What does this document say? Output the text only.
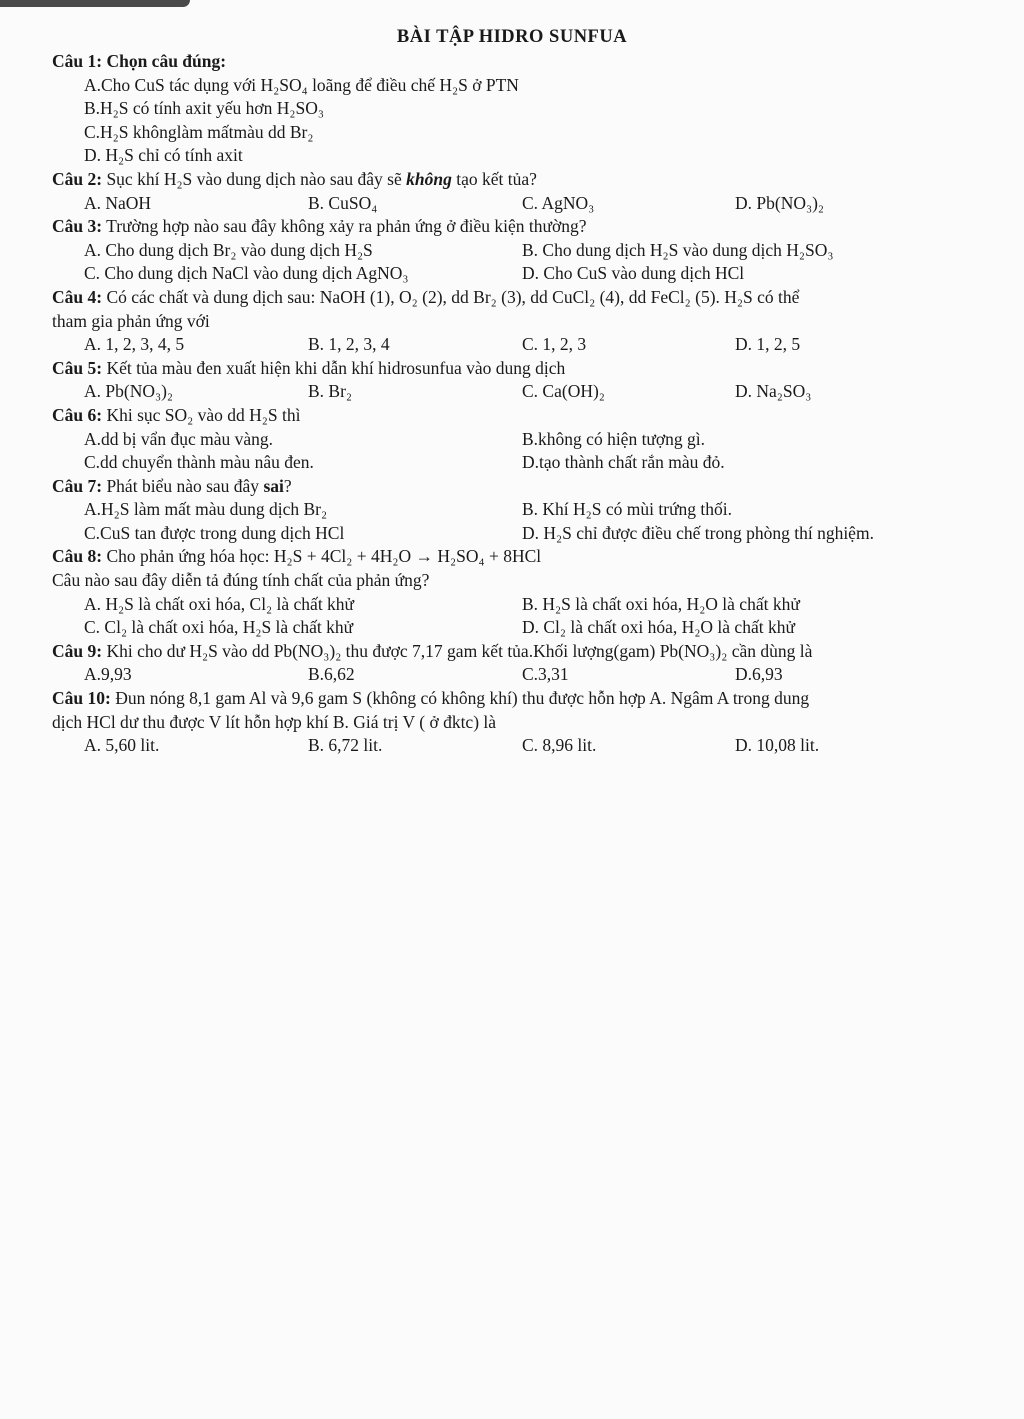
BÀI TẬP HIDRO SUNFUA
Câu 1: Chọn câu đúng:
A.Cho CuS tác dụng với H₂SO₄ loãng để điều chế H₂S ở PTN
B.H₂S có tính axit yếu hơn H₂SO₃
C.H₂S khônglàm mấtmàu dd Br₂
D. H₂S chỉ có tính axit
Câu 2: Sục khí H₂S vào dung dịch nào sau đây sẽ không tạo kết tủa?
A. NaOH	B. CuSO₄	C. AgNO₃	D. Pb(NO₃)₂
Câu 3: Trường hợp nào sau đây không xảy ra phản ứng ở điều kiện thường?
A. Cho dung dịch Br₂ vào dung dịch H₂S	B. Cho dung dịch H₂S vào dung dịch H₂SO₃
C. Cho dung dịch NaCl vào dung dịch AgNO₃	D. Cho CuS vào dung dịch HCl
Câu 4: Có các chất và dung dịch sau: NaOH (1), O₂ (2), dd Br₂ (3), dd CuCl₂ (4), dd FeCl₂ (5). H₂S có thể
tham gia phản ứng với
A. 1, 2, 3, 4, 5	B. 1, 2, 3, 4	C. 1, 2, 3	D. 1, 2, 5
Câu 5: Kết tủa màu đen xuất hiện khi dẫn khí hidrosunfua vào dung dịch
A. Pb(NO₃)₂	B. Br₂	C. Ca(OH)₂	D. Na₂SO₃
Câu 6: Khi sục SO₂ vào dd H₂S thì
A.dd bị vẩn đục màu vàng.	B.không có hiện tượng gì.
C.dd chuyển thành màu nâu đen.	D.tạo thành chất rắn màu đỏ.
Câu 7: Phát biểu nào sau đây sai?
A.H₂S làm mất màu dung dịch Br₂	B. Khí H₂S có mùi trứng thối.
C.CuS tan được trong dung dịch HCl	D. H₂S chỉ được điều chế trong phòng thí nghiệm.
Câu 8: Cho phản ứng hóa học: H₂S + 4Cl₂ + 4H₂O → H₂SO₄ + 8HCl
Câu nào sau đây diễn tả đúng tính chất của phản ứng?
A. H₂S là chất oxi hóa, Cl₂ là chất khử	B. H₂S là chất oxi hóa, H₂O là chất khử
C. Cl₂ là chất oxi hóa, H₂S là chất khử	D. Cl₂ là chất oxi hóa, H₂O là chất khử
Câu 9: Khi cho dư H₂S vào dd Pb(NO₃)₂ thu được 7,17 gam kết tủa.Khối lượng(gam) Pb(NO₃)₂ cần dùng là
A.9,93	B.6,62	C.3,31	D.6,93
Câu 10: Đun nóng 8,1 gam Al và 9,6 gam S (không có không khí) thu được hỗn hợp A. Ngâm A trong dung
dịch HCl dư thu được V lít hỗn hợp khí B. Giá trị V ( ở đktc) là
A. 5,60 lit.	B. 6,72 lit.	C. 8,96 lit.	D. 10,08 lit.
